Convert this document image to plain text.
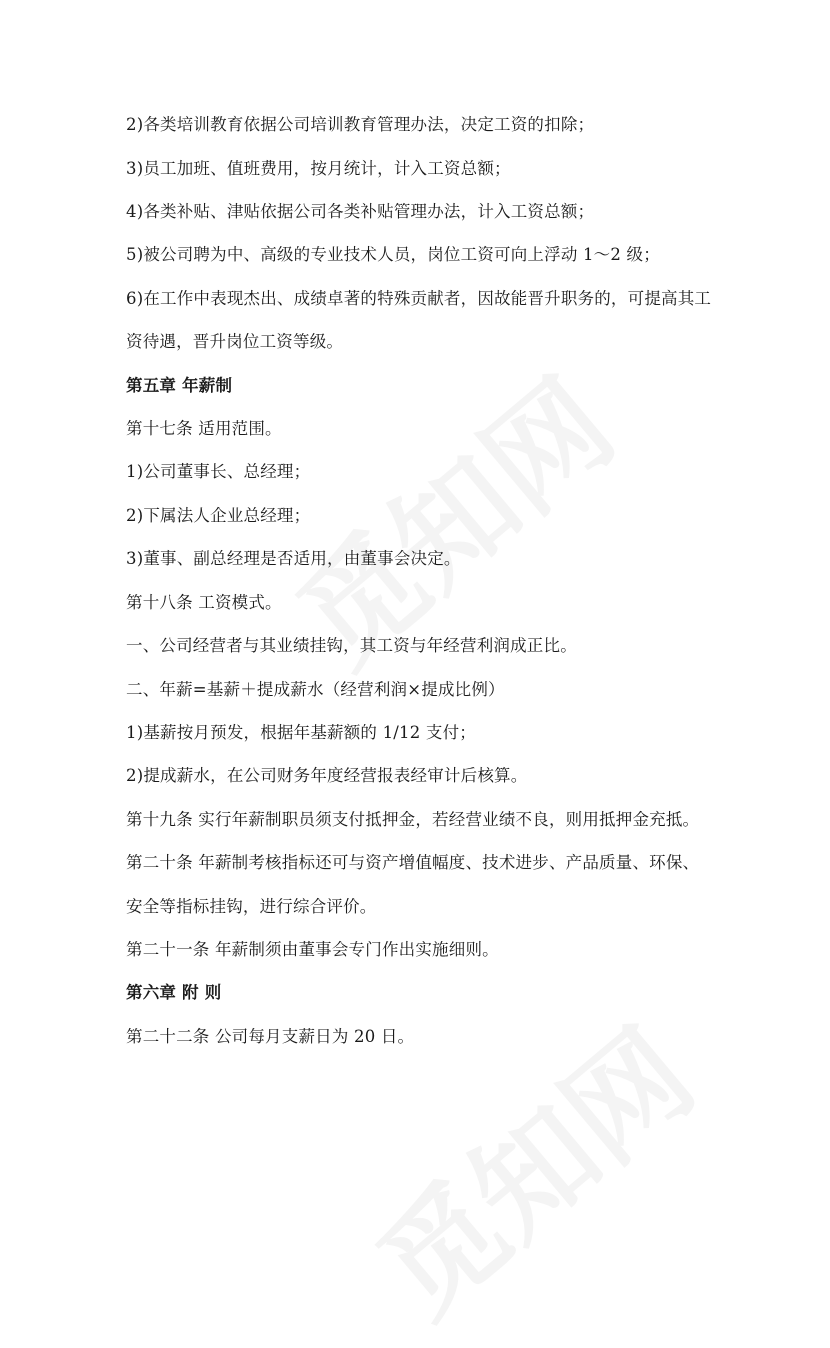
2)各类培训教育依据公司培训教育管理办法，决定工资的扣除；
3)员工加班、值班费用，按月统计，计入工资总额；
4)各类补贴、津贴依据公司各类补贴管理办法，计入工资总额；
5)被公司聘为中、高级的专业技术人员，岗位工资可向上浮动 1～2 级；
6)在工作中表现杰出、成绩卓著的特殊贡献者，因故能晋升职务的，可提高其工
资待遇，晋升岗位工资等级。
第五章 年薪制
第十七条 适用范围。
1)公司董事长、总经理；
2)下属法人企业总经理；
3)董事、副总经理是否适用，由董事会决定。
第十八条 工资模式。
一、公司经营者与其业绩挂钩，其工资与年经营利润成正比。
二、年薪=基薪＋提成薪水（经营利润×提成比例）
1)基薪按月预发，根据年基薪额的 1/12 支付；
2)提成薪水，在公司财务年度经营报表经审计后核算。
第十九条 实行年薪制职员须支付抵押金，若经营业绩不良，则用抵押金充抵。
第二十条 年薪制考核指标还可与资产增值幅度、技术进步、产品质量、环保、
安全等指标挂钩，进行综合评价。
第二十一条 年薪制须由董事会专门作出实施细则。
第六章 附 则
第二十二条 公司每月支薪日为 20 日。
